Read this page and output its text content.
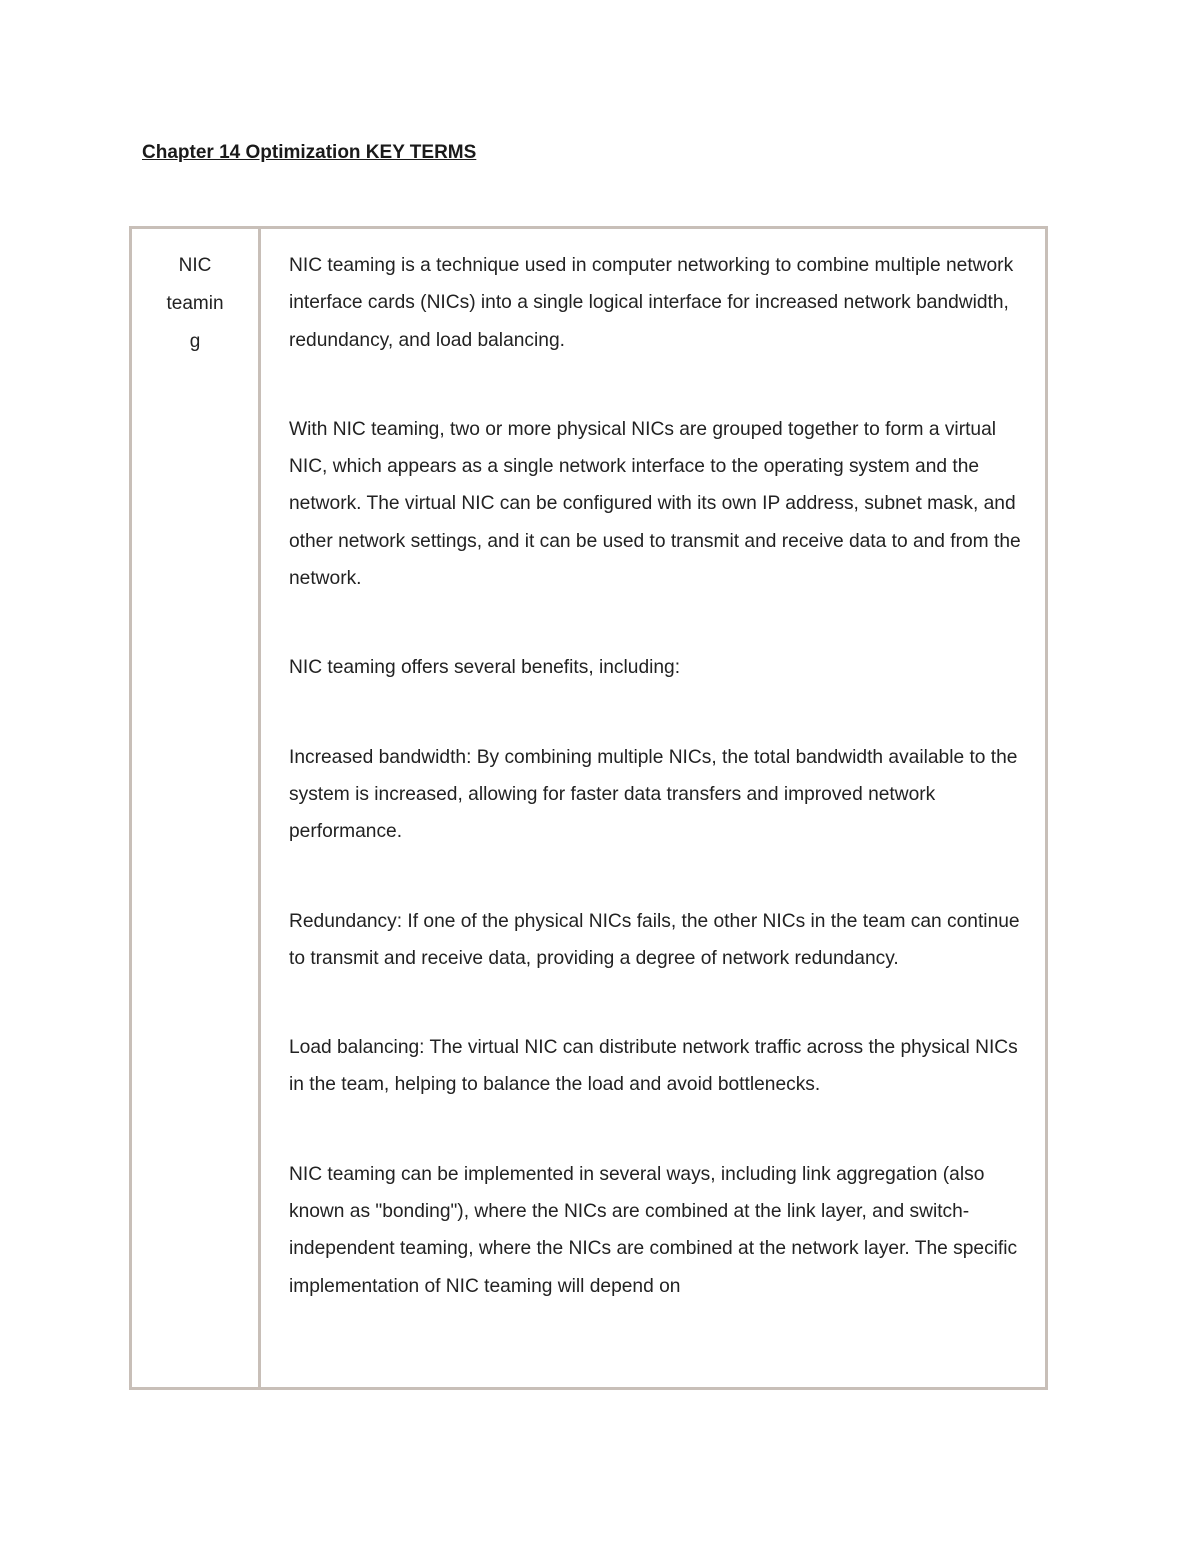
Chapter 14 Optimization KEY TERMS
NIC
teamin
g

NIC teaming is a technique used in computer networking to combine multiple network interface cards (NICs) into a single logical interface for increased network bandwidth, redundancy, and load balancing.

With NIC teaming, two or more physical NICs are grouped together to form a virtual NIC, which appears as a single network interface to the operating system and the network. The virtual NIC can be configured with its own IP address, subnet mask, and other network settings, and it can be used to transmit and receive data to and from the network.

NIC teaming offers several benefits, including:

Increased bandwidth: By combining multiple NICs, the total bandwidth available to the system is increased, allowing for faster data transfers and improved network performance.

Redundancy: If one of the physical NICs fails, the other NICs in the team can continue to transmit and receive data, providing a degree of network redundancy.

Load balancing: The virtual NIC can distribute network traffic across the physical NICs in the team, helping to balance the load and avoid bottlenecks.

NIC teaming can be implemented in several ways, including link aggregation (also known as "bonding"), where the NICs are combined at the link layer, and switch-independent teaming, where the NICs are combined at the network layer. The specific implementation of NIC teaming will depend on
